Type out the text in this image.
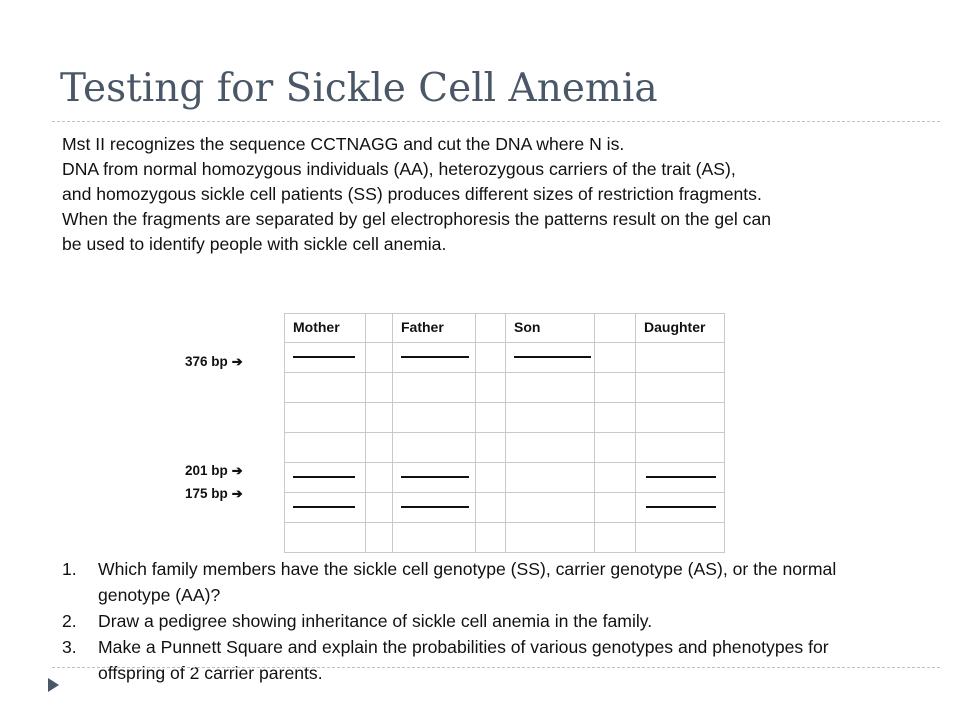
Testing for Sickle Cell Anemia
Mst II recognizes the sequence CCTNAGG and cut the DNA where N is.
DNA from normal homozygous individuals (AA), heterozygous carriers of the trait (AS),
and homozygous sickle cell patients (SS) produces different sizes of restriction fragments.
When the fragments are separated by gel electrophoresis the patterns result on the gel can
be used to identify people with sickle cell anemia.
376 bp ➔
201 bp ➔
175 bp ➔
Mother		Father		Son		Daughter

1. Which family members have the sickle cell genotype (SS), carrier genotype (AS), or the normal genotype (AA)?
2. Draw a pedigree showing inheritance of sickle cell anemia in the family.
3. Make a Punnett Square and explain the probabilities of various genotypes and phenotypes for offspring of 2 carrier parents.
